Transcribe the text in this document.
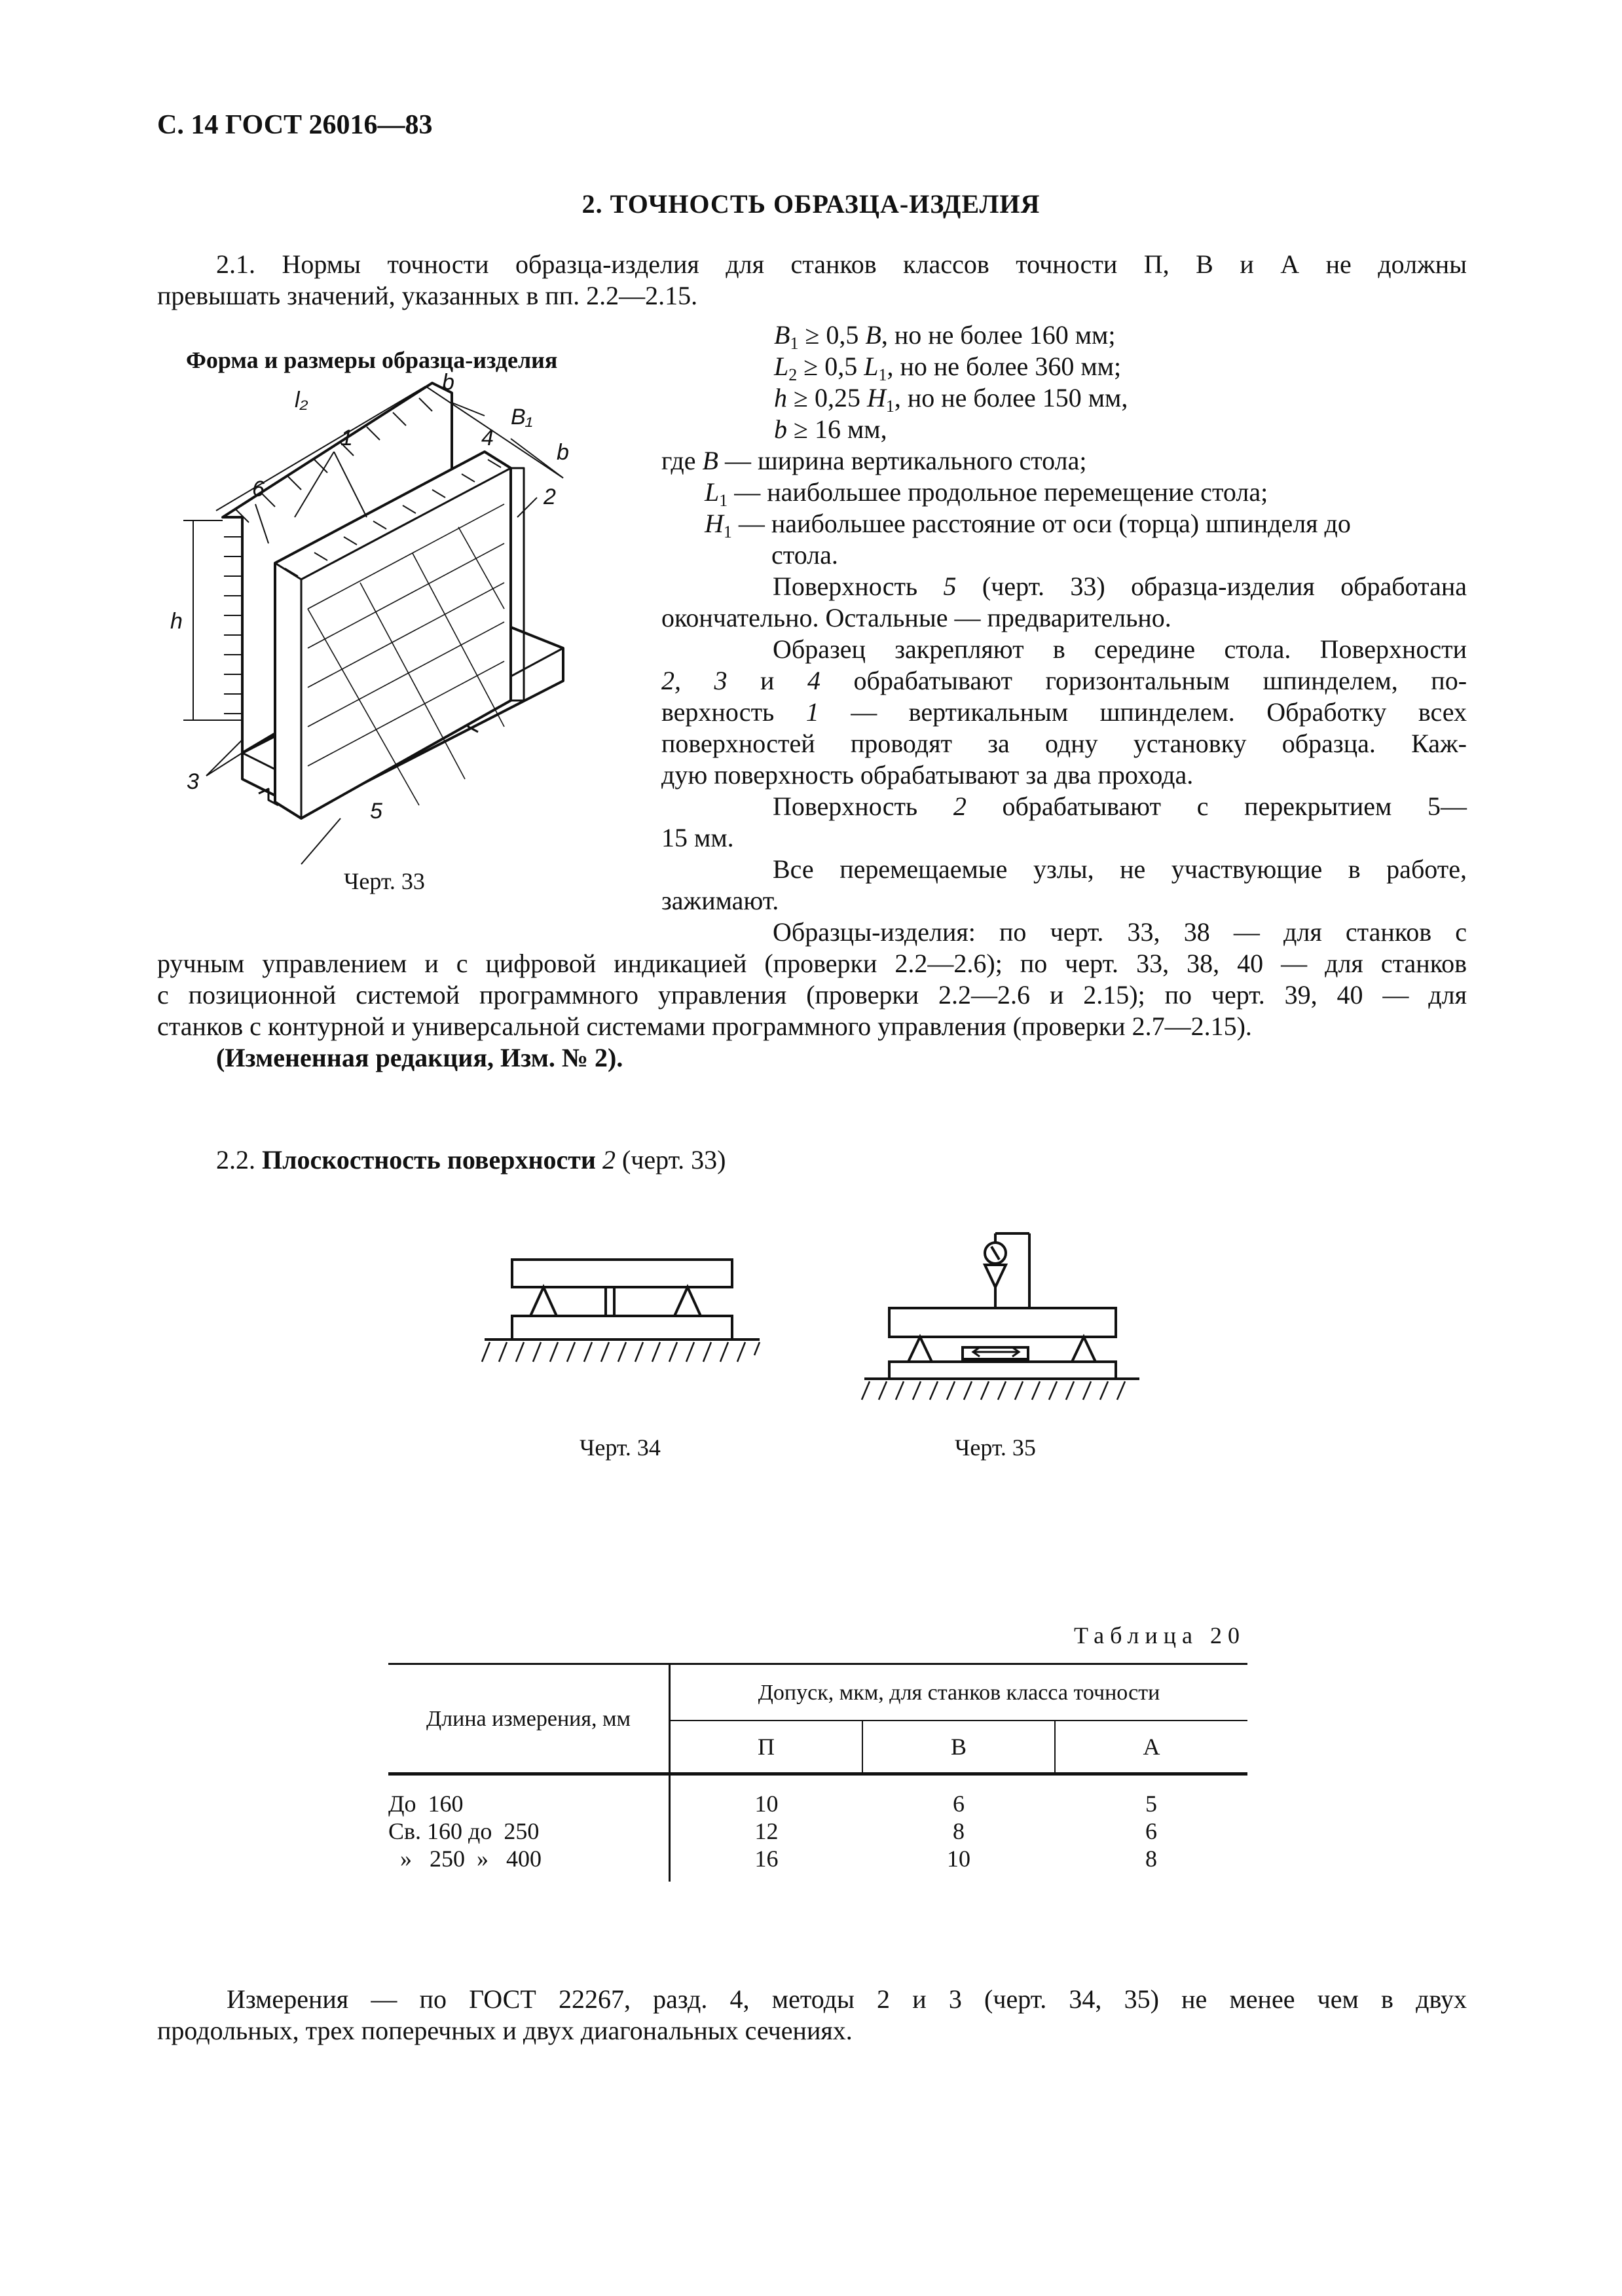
С. 14 ГОСТ 26016—83
2. ТОЧНОСТЬ ОБРАЗЦА-ИЗДЕЛИЯ
2.1. Нормы точности образца-изделия для станков классов точности П, В и А не должны
превышать значений, указанных в пп. 2.2—2.15.
Форма и размеры образца-изделия
l₂
b
B₁
b
1
2
3
4
5
6
h
Черт. 33
$B_1 \ge 0,5$ B, но не более 160 мм;
$L_2 \ge 0,5$ $L_1$, но не более 360 мм;
h ≥ 0,25 $H_1$, но не более 150 мм,
b ≥ 16 мм,
где B — ширина вертикального стола;
$L_1$ — наибольшее продольное перемещение стола;
$H_1$ — наибольшее расстояние от оси (торца) шпинделя до
стола.
Поверхность 5 (черт. 33) образца-изделия обработана
окончательно. Остальные — предварительно.
Образец закрепляют в середине стола. Поверхности
2, 3 и 4 обрабатывают горизонтальным шпинделем, по-
верхность 1 — вертикальным шпинделем. Обработку всех
поверхностей проводят за одну установку образца. Каж-
дую поверхность обрабатывают за два прохода.
Поверхность 2 обрабатывают с перекрытием 5—
15 мм.
Все перемещаемые узлы, не участвующие в работе,
зажимают.
Образцы-изделия: по черт. 33, 38 — для станков с
ручным управлением и с цифровой индикацией (проверки 2.2—2.6); по черт. 33, 38, 40 — для станков
с позиционной системой программного управления (проверки 2.2—2.6 и 2.15); по черт. 39, 40 — для
станков с контурной и универсальной системами программного управления (проверки 2.7—2.15).
(Измененная редакция, Изм. № 2).
2.2. Плоскостность поверхности 2 (черт. 33)
Черт. 34	Черт. 35
Таблица 20
Длина измерения, мм	Допуск, мкм, для станков класса точности		
	П	В	А
До  160	10	6	5
Св. 160 до  250	12	8	6
»   250  »   400	16	10	8
Измерения — по ГОСТ 22267, разд. 4, методы 2 и 3 (черт. 34, 35) не менее чем в двух
продольных, трех поперечных и двух диагональных сечениях.
